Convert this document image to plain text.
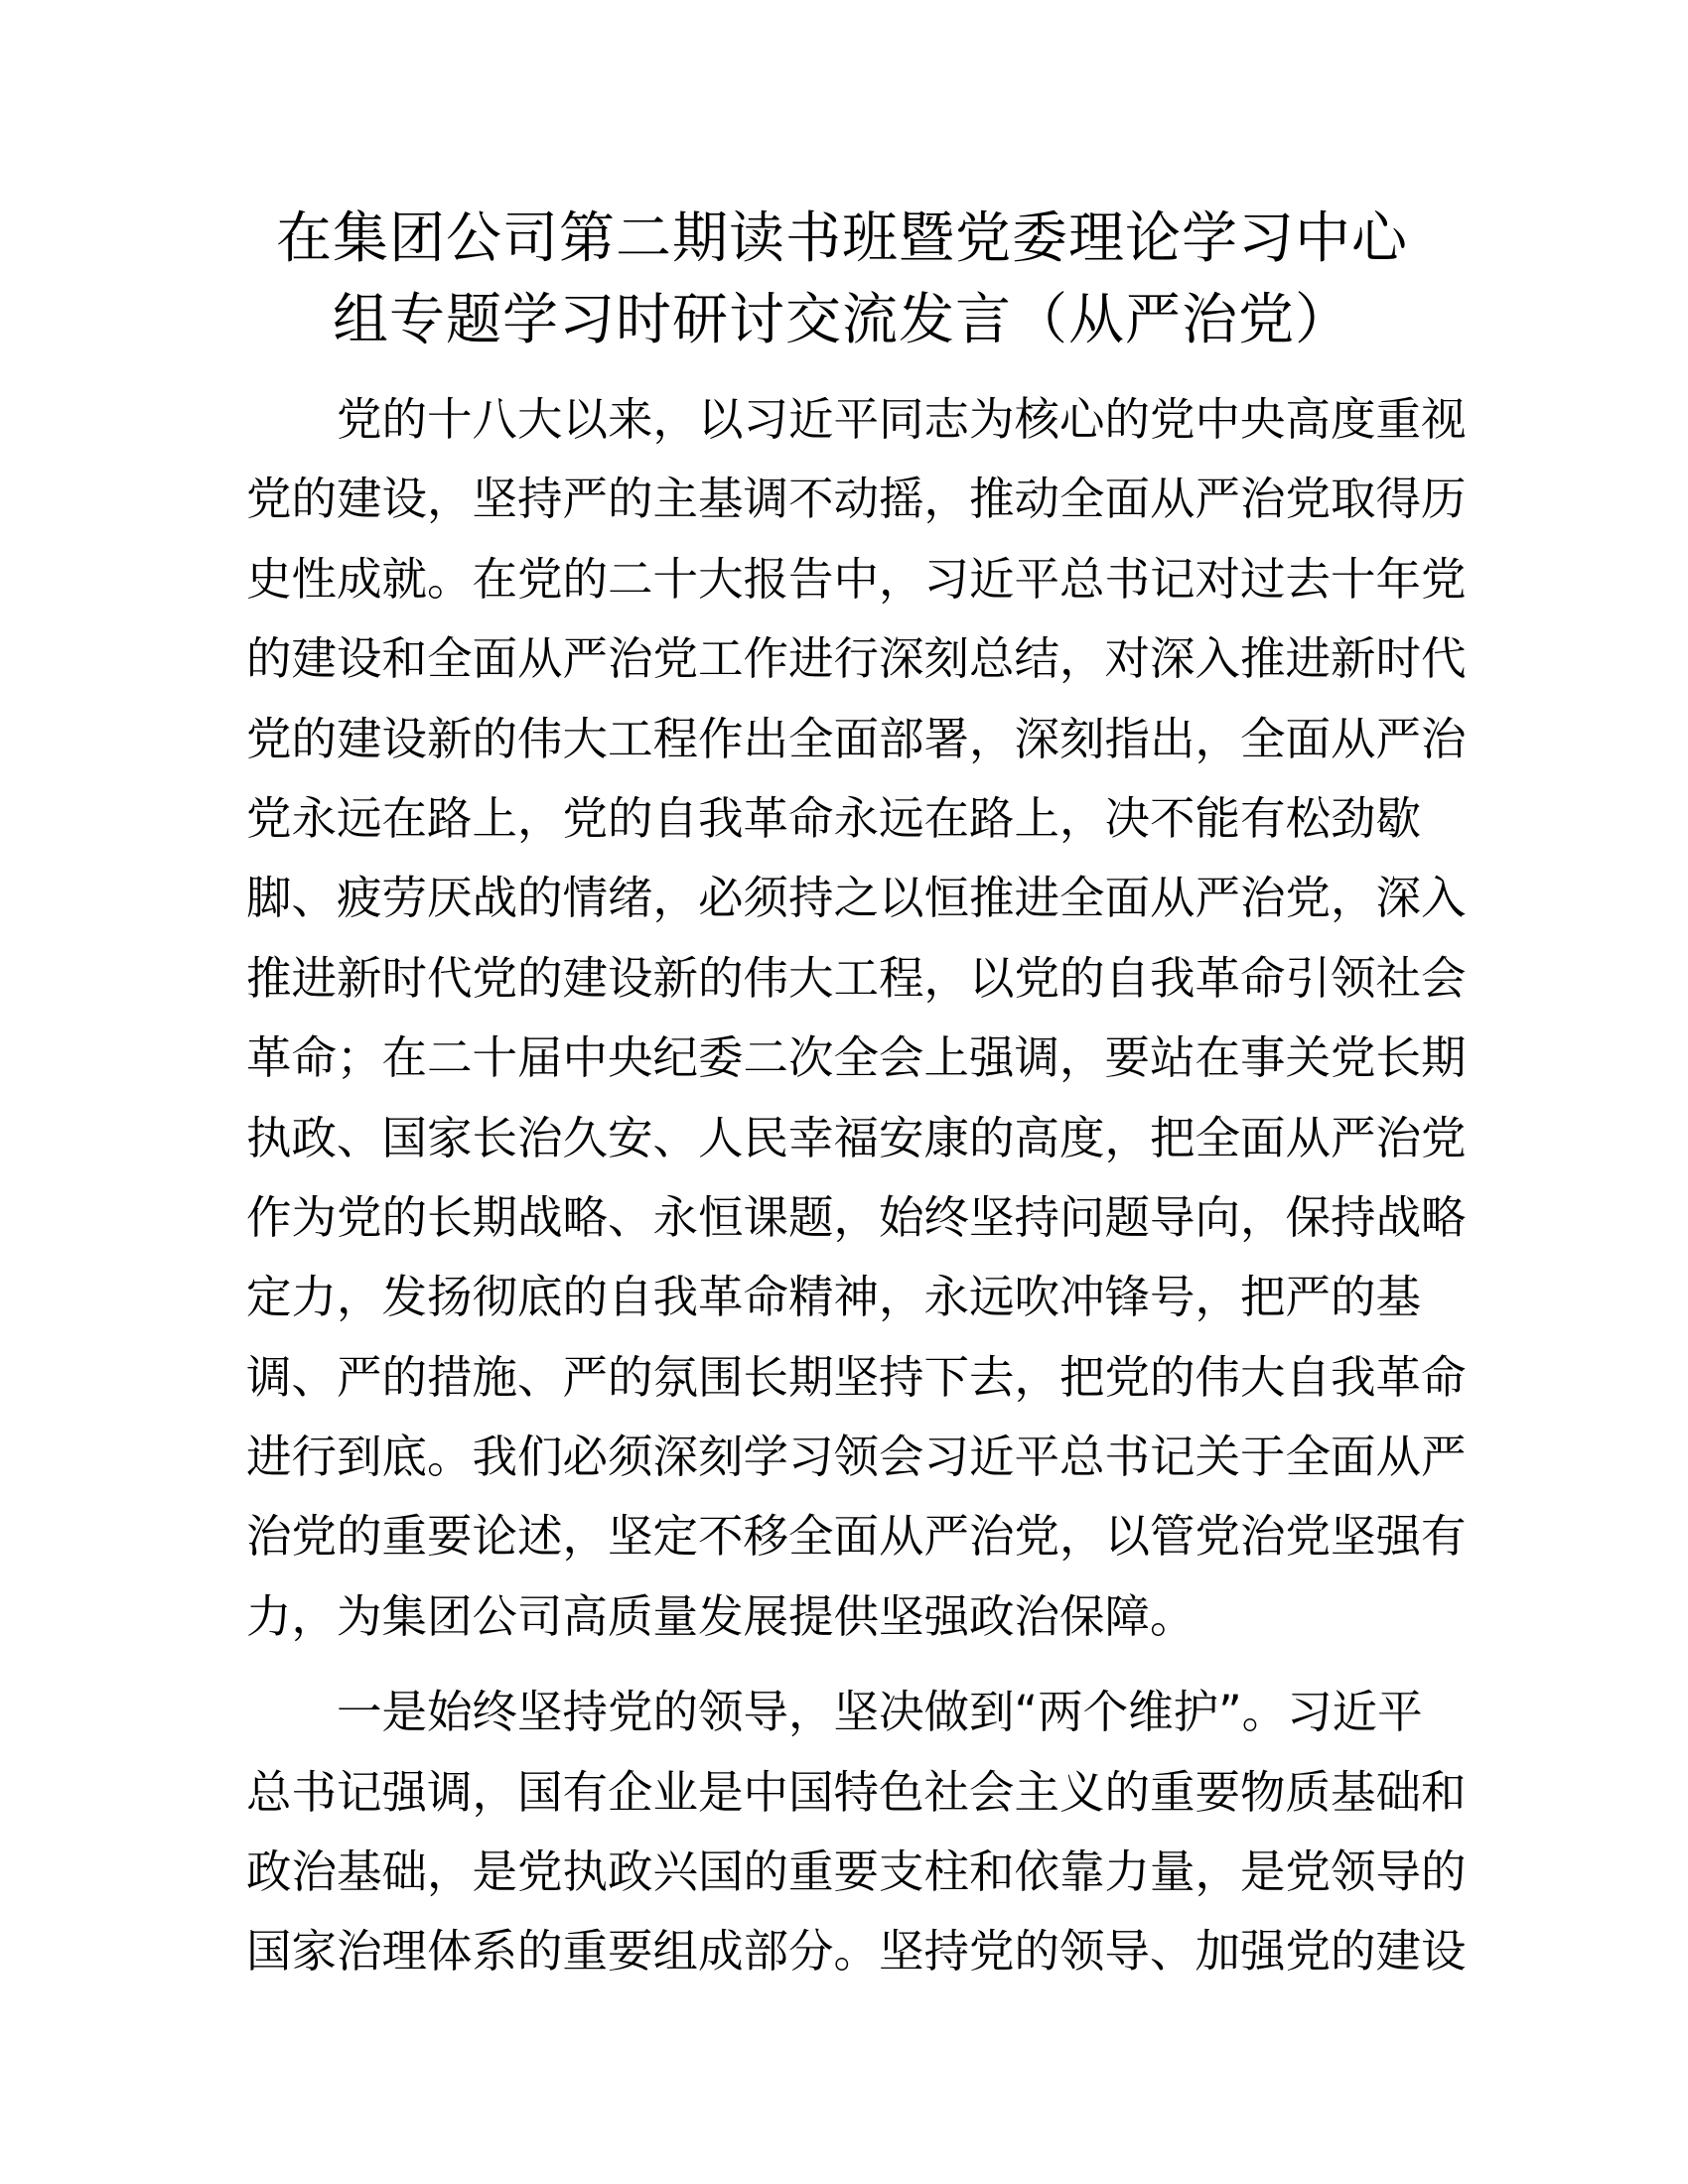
在集团公司第二期读书班暨党委理论学习中心
组专题学习时研讨交流发言（从严治党）

党的十八大以来，以习近平同志为核心的党中央高度重视
党的建设，坚持严的主基调不动摇，推动全面从严治党取得历
史性成就。在党的二十大报告中，习近平总书记对过去十年党
的建设和全面从严治党工作进行深刻总结，对深入推进新时代
党的建设新的伟大工程作出全面部署，深刻指出，全面从严治
党永远在路上，党的自我革命永远在路上，决不能有松劲歇
脚、疲劳厌战的情绪，必须持之以恒推进全面从严治党，深入
推进新时代党的建设新的伟大工程，以党的自我革命引领社会
革命；在二十届中央纪委二次全会上强调，要站在事关党长期
执政、国家长治久安、人民幸福安康的高度，把全面从严治党
作为党的长期战略、永恒课题，始终坚持问题导向，保持战略
定力，发扬彻底的自我革命精神，永远吹冲锋号，把严的基
调、严的措施、严的氛围长期坚持下去，把党的伟大自我革命
进行到底。我们必须深刻学习领会习近平总书记关于全面从严
治党的重要论述，坚定不移全面从严治党，以管党治党坚强有
力，为集团公司高质量发展提供坚强政治保障。

一是始终坚持党的领导，坚决做到“两个维护”。习近平
总书记强调，国有企业是中国特色社会主义的重要物质基础和
政治基础，是党执政兴国的重要支柱和依靠力量，是党领导的
国家治理体系的重要组成部分。坚持党的领导、加强党的建设
